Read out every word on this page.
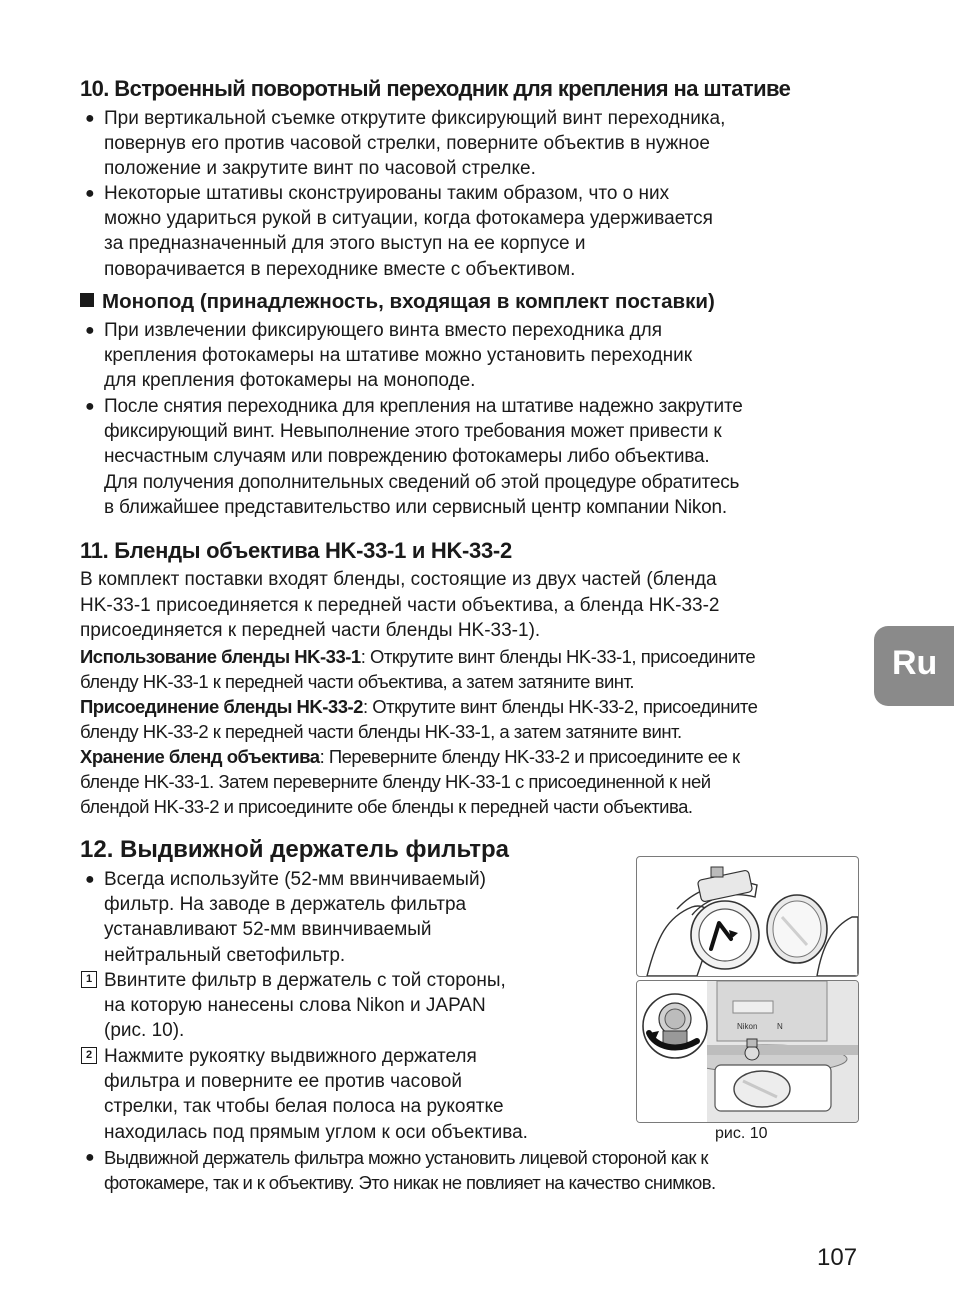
10. Встроенный поворотный переходник для крепления на штативе
● При вертикальной съемке открутите фиксирующий винт переходника,
повернув его против часовой стрелки, поверните объектив в нужное
положение и закрутите винт по часовой стрелке.
● Некоторые штативы сконструированы таким образом, что о них
можно удариться рукой в ситуации, когда фотокамера удерживается
за предназначенный для этого выступ на ее корпусе и
поворачивается в переходнике вместе с объективом.
Монопод (принадлежность, входящая в комплект поставки)
● При извлечении фиксирующего винта вместо переходника для
крепления фотокамеры на штативе можно установить переходник
для крепления фотокамеры на моноподе.
● После снятия переходника для крепления на штативе надежно закрутите
фиксирующий винт. Невыполнение этого требования может привести к
несчастным случаям или повреждению фотокамеры либо объектива.
Для получения дополнительных сведений об этой процедуре обратитесь
в ближайшее представительство или сервисный центр компании Nikon.
11. Бленды объектива HK-33-1 и HK-33-2
В комплект поставки входят бленды, состоящие из двух частей (бленда
HK-33-1 присоединяется к передней части объектива, а бленда HK-33-2
присоединяется к передней части бленды HK-33-1).
Использование бленды HK-33-1: Открутите винт бленды HK-33-1, присоедините
бленду HK-33-1 к передней части объектива, а затем затяните винт.
Присоединение бленды HK-33-2: Открутите винт бленды HK-33-2, присоедините
бленду HK-33-2 к передней части бленды HK-33-1, а затем затяните винт.
Хранение бленд объектива: Переверните бленду HK-33-2 и присоедините ее к
бленде HK-33-1. Затем переверните бленду HK-33-1 с присоединенной к ней
блендой HK-33-2 и присоедините обе бленды к передней части объектива.
12. Выдвижной держатель фильтра
● Всегда используйте (52-мм ввинчиваемый)
фильтр. На заводе в держатель фильтра
устанавливают 52-мм ввинчиваемый
нейтральный светофильтр.
1 Ввинтите фильтр в держатель с той стороны,
на которую нанесены слова Nikon и JAPAN
(рис. 10).
2 Нажмите рукоятку выдвижного держателя
фильтра и поверните ее против часовой
стрелки, так чтобы белая полоса на рукоятке
находилась под прямым углом к оси объектива.
● Выдвижной держатель фильтра можно установить лицевой стороной как к
фотокамере, так и к объективу. Это никак не повлияет на качество снимков.
Nikon N
рис. 10
Ru
107
